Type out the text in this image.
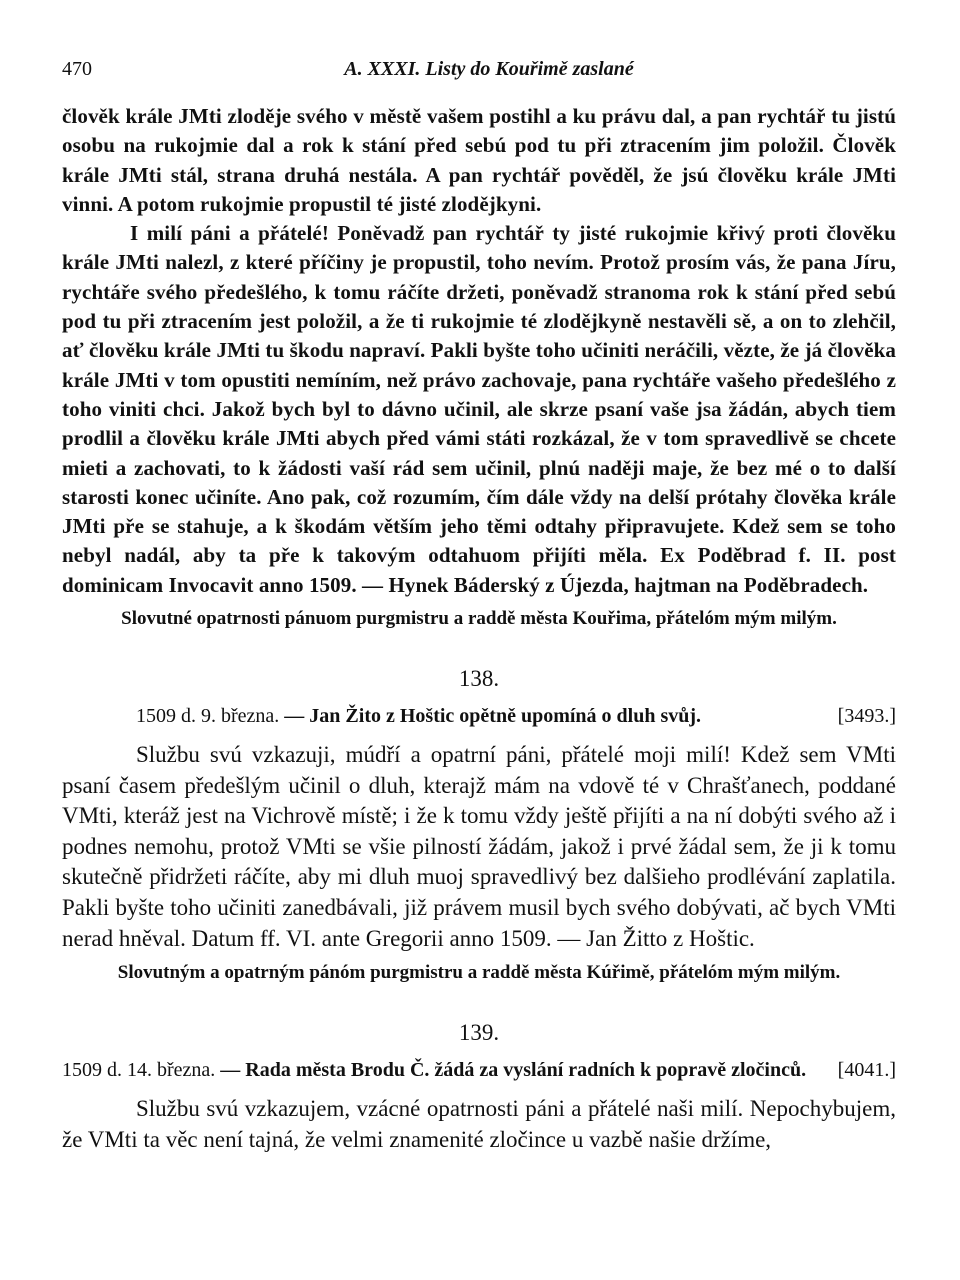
470	A. XXXI. Listy do Kouřimě zaslané

člověk krále JMti zloděje svého v městě vašem postihl a ku právu dal, a pan rychtář tu jistú osobu na rukojmie dal a rok k stání před sebú pod tu při ztracením jim položil. Člověk krále JMti stál, strana druhá nestála. A pan rychtář pověděl, že jsú člověku krále JMti vinni. A potom rukojmie propustil té jisté zlodějkyni.

I milí páni a přátelé! Poněvadž pan rychtář ty jisté rukojmie křivý proti člověku krále JMti nalezl, z které příčiny je propustil, toho nevím. Protož prosím vás, že pana Jíru, rychtáře svého předešlého, k tomu ráčíte držeti, poněvadž stranoma rok k stání před sebú pod tu při ztracením jest položil, a že ti rukojmie té zlodějkyně nestavěli sě, a on to zlehčil, ať člověku krále JMti tu škodu napraví. Pakli byšte toho učiniti neráčili, vězte, že já člověka krále JMti v tom opustiti nemíním, než právo zachovaje, pana rychtáře vašeho předešlého z toho viniti chci. Jakož bych byl to dávno učinil, ale skrze psaní vaše jsa žádán, abych tiem prodlil a člověku krále JMti abych před vámi státi rozkázal, že v tom spravedlivě se chcete mieti a zachovati, to k žádosti vaší rád sem učinil, plnú naději maje, že bez mé o to další starosti konec učiníte. Ano pak, což rozumím, čím dále vždy na delší prótahy člověka krále JMti pře se stahuje, a k škodám větším jeho těmi odtahy připravujete. Kdež sem se toho nebyl nadál, aby ta pře k takovým odtahuom přijíti měla. Ex Poděbrad f. II. post dominicam Invocavit anno 1509. — Hynek Báderský z Újezda, hajtman na Poděbradech.

Slovutné opatrnosti pánuom purgmistru a raddě města Kouřima, přátelóm mým milým.

138.

1509 d. 9. března. — Jan Žito z Hoštic opětně upomíná o dluh svůj.	[3493.]

Službu svú vzkazuji, múdří a opatrní páni, přátelé moji milí! Kdež sem VMti psaní časem předešlým učinil o dluh, kterajž mám na vdově té v Chrašťanech, poddané VMti, kteráž jest na Vichrově místě; i že k tomu vždy ještě přijíti a na ní dobýti svého až i podnes nemohu, protož VMti se všie pilností žádám, jakož i prvé žádal sem, že ji k tomu skutečně přidržeti ráčíte, aby mi dluh muoj spravedlivý bez dalšieho prodlévání zaplatila. Pakli byšte toho učiniti zanedbávali, již právem musil bych svého dobývati, ač bych VMti nerad hněval. Datum ff. VI. ante Gregorii anno 1509. — Jan Žitto z Hoštic.

Slovutným a opatrným pánóm purgmistru a raddě města Kúřimě, přátelóm mým milým.

139.

1509 d. 14. března. — Rada města Brodu Č. žádá za vyslání radních k popravě zločinců. [4041.]

Službu svú vzkazujem, vzácné opatrnosti páni a přátelé naši milí. Nepochybujem, že VMti ta věc není tajná, že velmi znamenité zločince u vazbě našie držíme,
